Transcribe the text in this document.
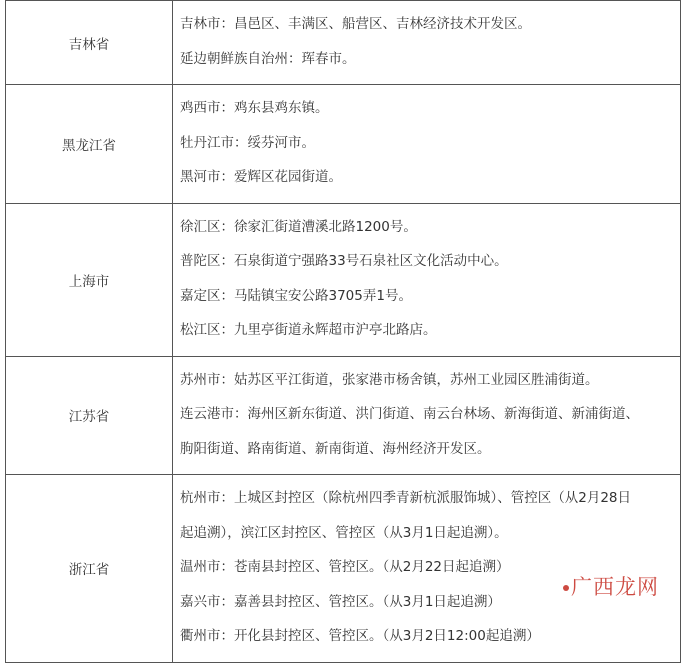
吉林省	吉林市：昌邑区、丰满区、船营区、吉林经济技术开发区。
延边朝鲜族自治州：珲春市。

黑龙江省	鸡西市：鸡东县鸡东镇。
牡丹江市：绥芬河市。
黑河市：爱辉区花园街道。

上海市	徐汇区：徐家汇街道漕溪北路1200号。
普陀区：石泉街道宁强路33号石泉社区文化活动中心。
嘉定区：马陆镇宝安公路3705弄1号。
松江区：九里亭街道永辉超市沪亭北路店。

江苏省	苏州市：姑苏区平江街道，张家港市杨舍镇，苏州工业园区胜浦街道。
连云港市：海州区新东街道、洪门街道、南云台林场、新海街道、新浦街道、
朐阳街道、路南街道、新南街道、海州经济开发区。

浙江省	杭州市：上城区封控区（除杭州四季青新杭派服饰城）、管控区（从2月28日
起追溯），滨江区封控区、管控区（从3月1日起追溯）。
温州市：苍南县封控区、管控区。（从2月22日起追溯）
嘉兴市：嘉善县封控区、管控区。（从3月1日起追溯）
衢州市：开化县封控区、管控区。（从3月2日12:00起追溯）
广西龙网
